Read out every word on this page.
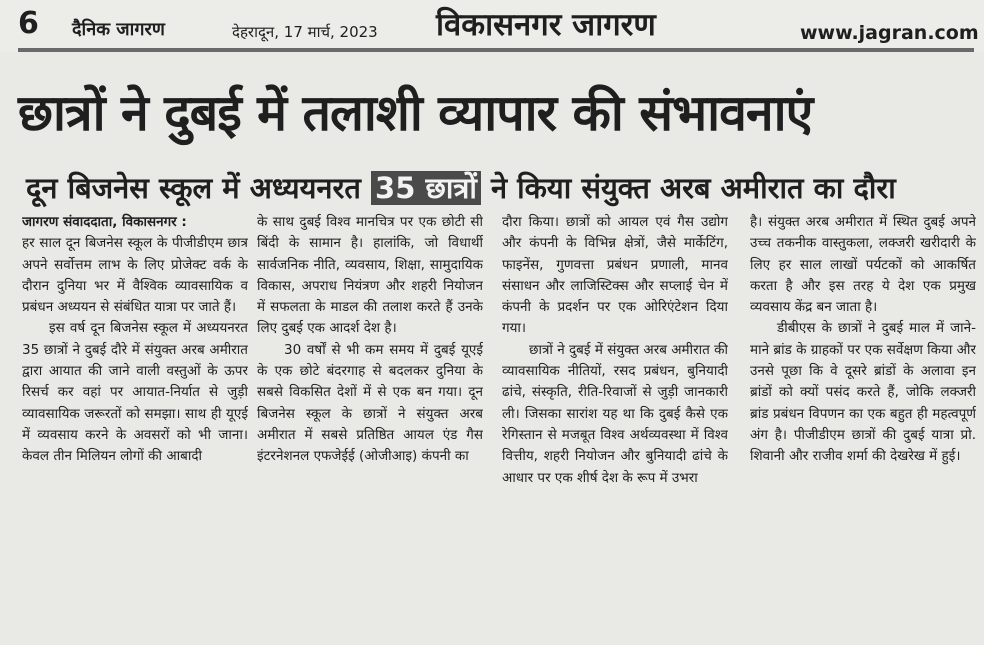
6 दैनिक जागरण	देहरादून, 17 मार्च, 2023 विकासनगर जागरण	www.jagran.com
छात्रों ने दुबई में तलाशी व्यापार की संभावनाएं
दून बिजनेस स्कूल में अध्ययनरत 35 छात्रों ने किया संयुक्त अरब अमीरात का दौरा

जागरण संवाददाता, विकासनगर :

हर साल दून बिजनेस स्कूल के पीजीडीएम छात्र अपने सर्वोत्तम लाभ के लिए प्रोजेक्ट वर्क के दौरान दुनिया भर में वैश्विक व्यावसायिक व प्रबंधन अध्ययन से संबंधित यात्रा पर जाते हैं।

इस वर्ष दून बिजनेस स्कूल में अध्ययनरत 35 छात्रों ने दुबई दौरे में संयुक्त अरब अमीरात द्वारा आयात की जाने वाली वस्तुओं के ऊपर रिसर्च कर वहां पर आयात-निर्यात से जुड़ी व्यावसायिक जरूरतों को समझा। साथ ही यूएई में व्यवसाय करने के अवसरों को भी जाना। केवल तीन मिलियन लोगों की आबादी

के साथ दुबई विश्व मानचित्र पर एक छोटी सी बिंदी के सामान है। हालांकि, जो विधार्थी सार्वजनिक नीति, व्यवसाय, शिक्षा, सामुदायिक विकास, अपराध नियंत्रण और शहरी नियोजन में सफलता के माडल की तलाश करते हैं उनके लिए दुबई एक आदर्श देश है।

30 वर्षों से भी कम समय में दुबई यूएई के एक छोटे बंदरगाह से बदलकर दुनिया के सबसे विकसित देशों में से एक बन गया। दून बिजनेस स्कूल के छात्रों ने संयुक्त अरब अमीरात में सबसे प्रतिष्ठित आयल एंड गैस इंटरनेशनल एफजेईई (ओजीआइ) कंपनी का

दौरा किया। छात्रों को आयल एवं गैस उद्योग और कंपनी के विभिन्न क्षेत्रों, जैसे मार्केटिंग, फाइनेंस, गुणवत्ता प्रबंधन प्रणाली, मानव संसाधन और लाजिस्टिक्स और सप्लाई चेन में कंपनी के प्रदर्शन पर एक ओरिएंटेशन दिया गया।

छात्रों ने दुबई में संयुक्त अरब अमीरात की व्यावसायिक नीतियों, रसद प्रबंधन, बुनियादी ढांचे, संस्कृति, रीति-रिवाजों से जुड़ी जानकारी ली। जिसका सारांश यह था कि दुबई कैसे एक रेगिस्तान से मजबूत विश्व अर्थव्यवस्था में विश्व वित्तीय, शहरी नियोजन और बुनियादी ढांचे के आधार पर एक शीर्ष देश के रूप में उभरा

है। संयुक्त अरब अमीरात में स्थित दुबई अपने उच्च तकनीक वास्तुकला, लक्जरी खरीदारी के लिए हर साल लाखों पर्यटकों को आकर्षित करता है और इस तरह ये देश एक प्रमुख व्यवसाय केंद्र बन जाता है।

डीबीएस के छात्रों ने दुबई माल में जाने-माने ब्रांड के ग्राहकों पर एक सर्वेक्षण किया और उनसे पूछा कि वे दूसरे ब्रांडों के अलावा इन ब्रांडों को क्यों पसंद करते हैं, जोकि लक्जरी ब्रांड प्रबंधन विपणन का एक बहुत ही महत्वपूर्ण अंग है। पीजीडीएम छात्रों की दुबई यात्रा प्रो. शिवानी और राजीव शर्मा की देखरेख में हुई।
